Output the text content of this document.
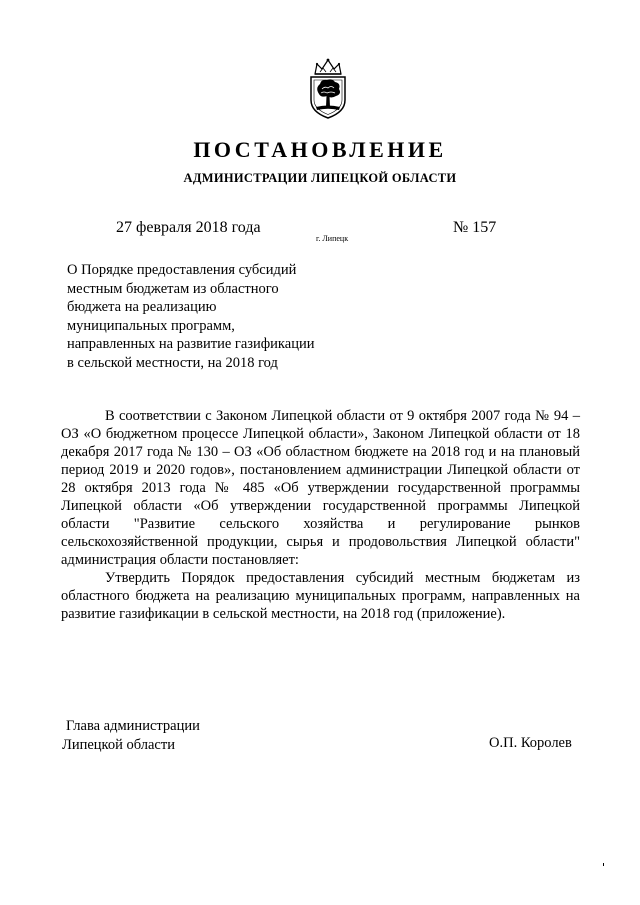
ПОСТАНОВЛЕНИЕ
АДМИНИСТРАЦИИ ЛИПЕЦКОЙ ОБЛАСТИ
27 февраля 2018 года
г. Липецк
№ 157
О Порядке предоставления субсидий
местным бюджетам из областного
бюджета на реализацию
муниципальных программ,
направленных на развитие газификации
в сельской местности, на 2018 год

В соответствии с Законом Липецкой области от 9 октября 2007 года № 94 – ОЗ «О бюджетном процессе Липецкой области», Законом Липецкой области от 18 декабря 2017 года № 130 – ОЗ «Об областном бюджете на 2018 год и на плановый период 2019 и 2020 годов», постановлением администрации Липецкой области от 28 октября 2013 года № 485 «Об утверждении государственной программы Липецкой области «Об утверждении государственной программы Липецкой области "Развитие сельского хозяйства и регулирование рынков сельскохозяйственной продукции, сырья и продовольствия Липецкой области" администрация области постановляет:

Утвердить Порядок предоставления субсидий местным бюджетам из областного бюджета на реализацию муниципальных программ, направленных на развитие газификации в сельской местности, на 2018 год (приложение).

Глава администрации
Липецкой области	О.П. Королев
